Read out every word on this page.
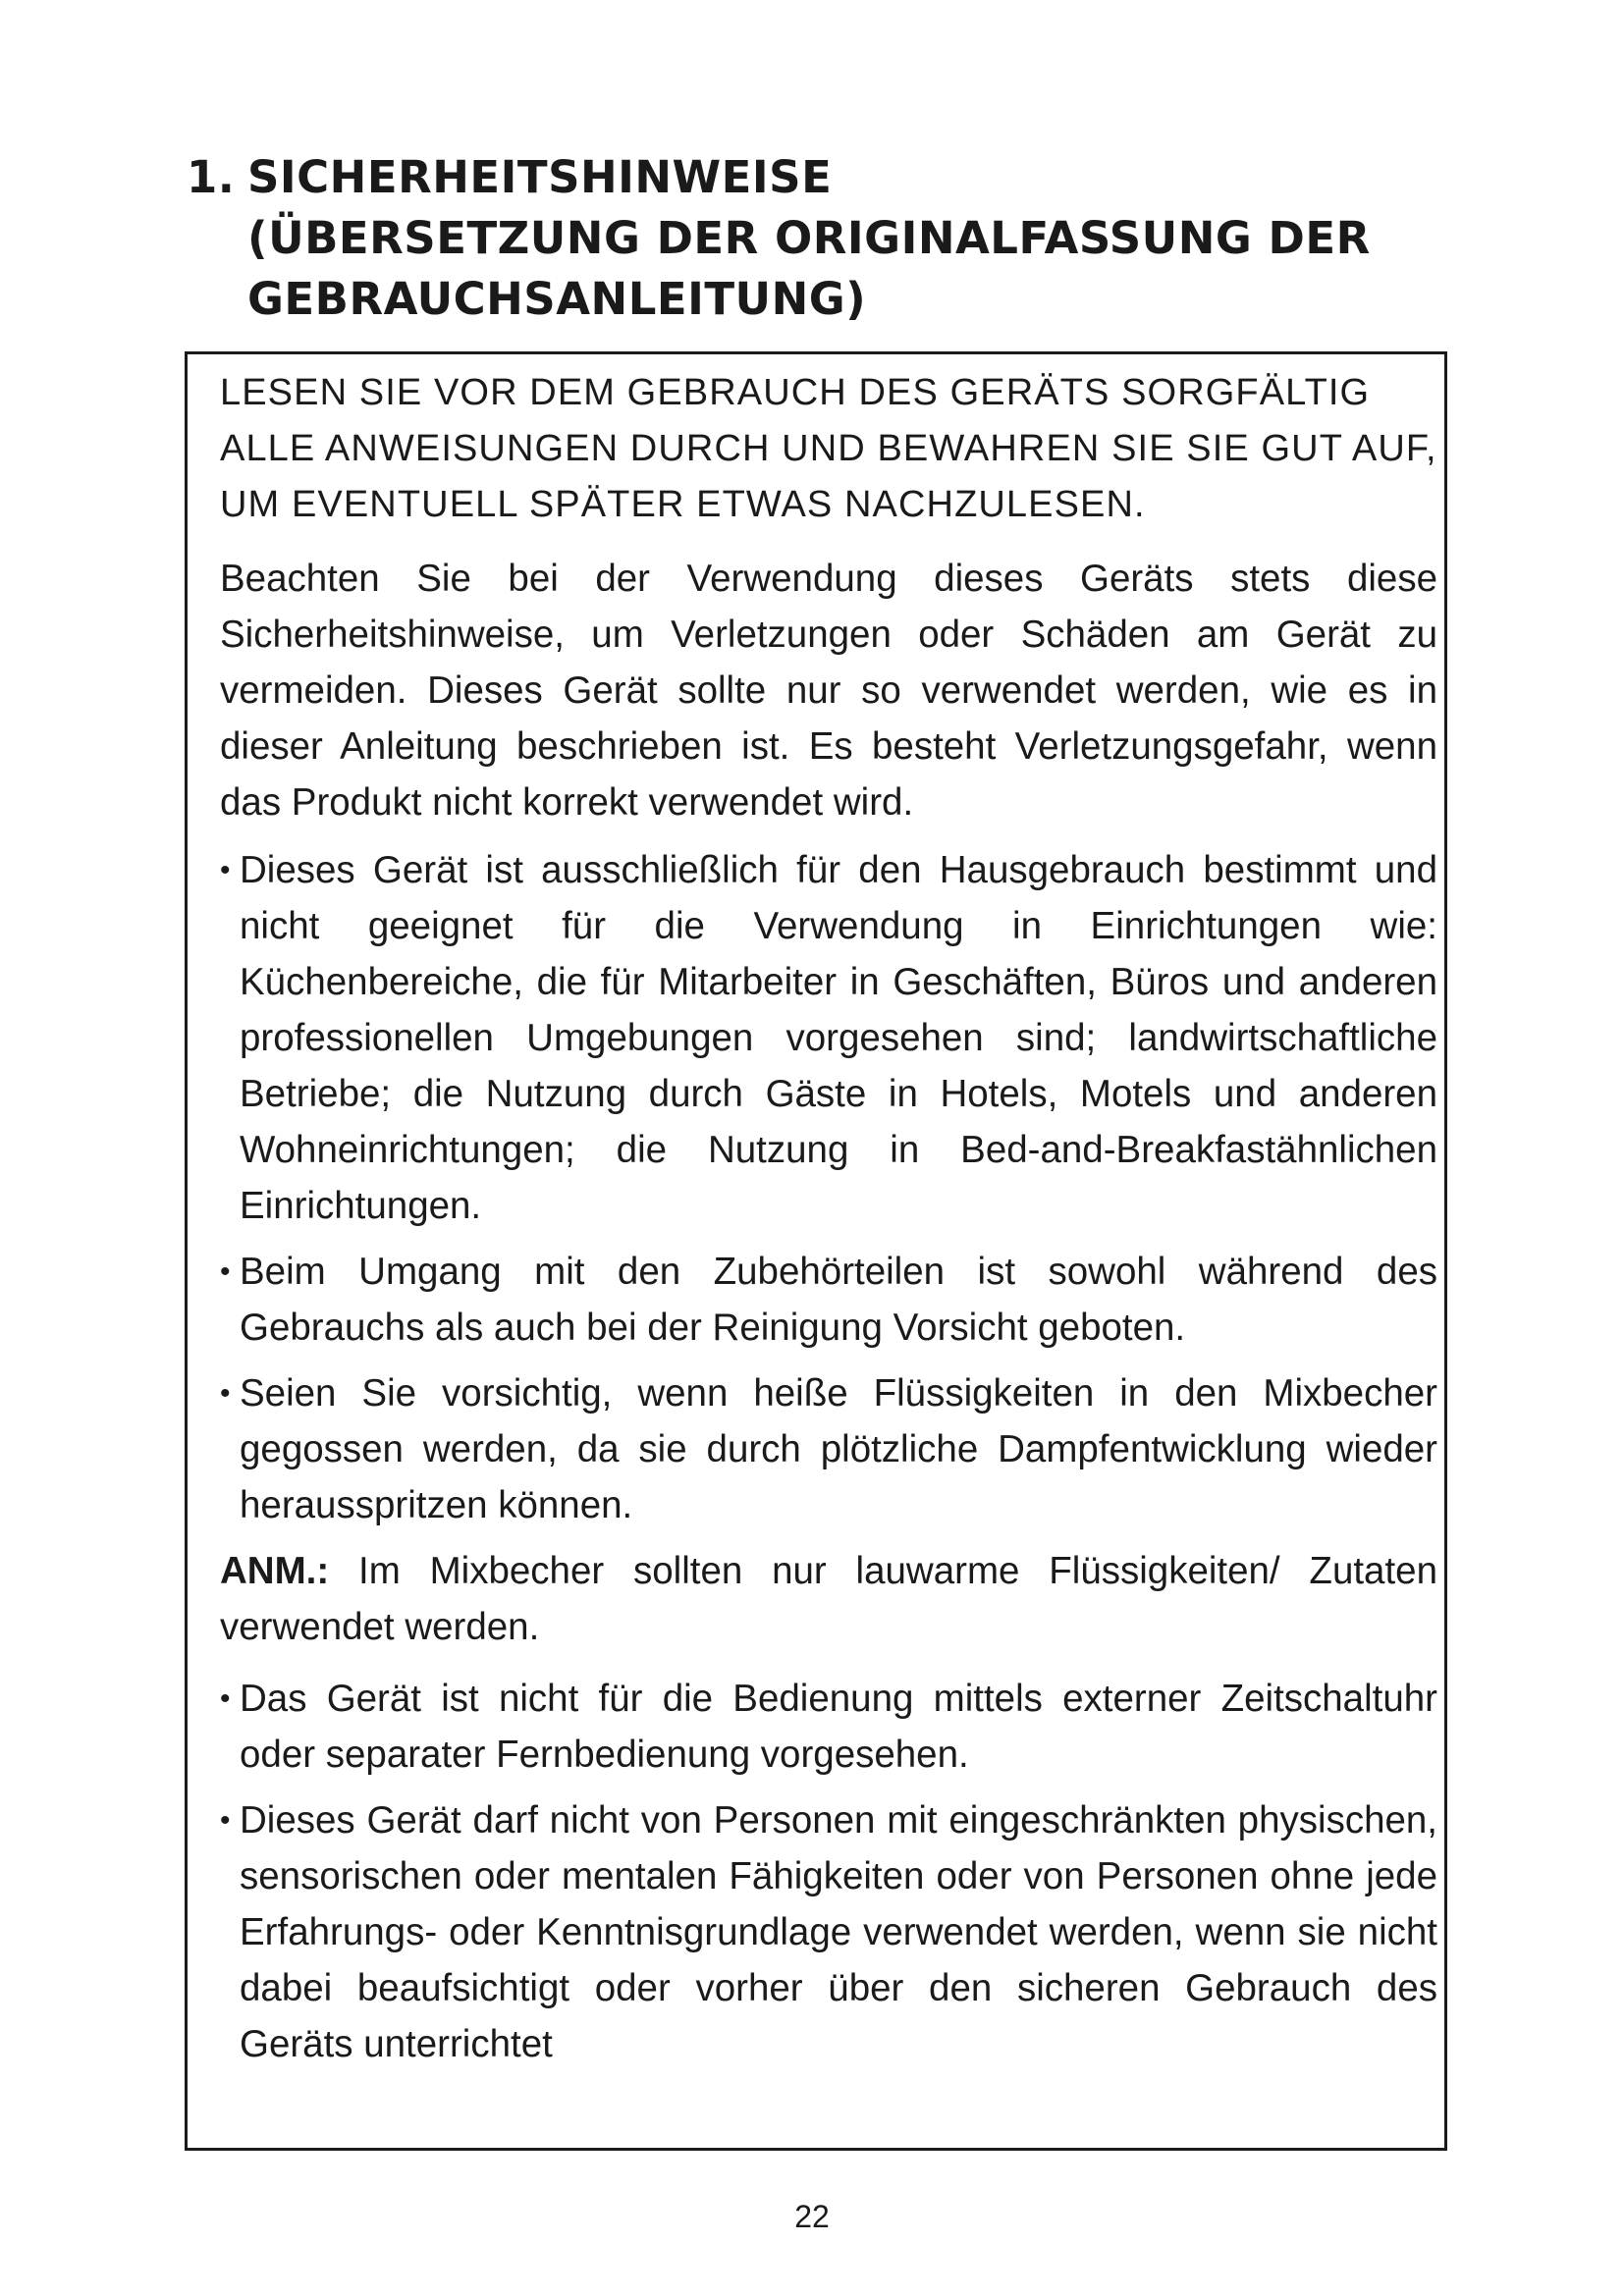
1. SICHERHEITSHINWEISE
(ÜBERSETZUNG DER ORIGINALFASSUNG DER
GEBRAUCHSANLEITUNG)

LESEN SIE VOR DEM GEBRAUCH DES GERÄTS SORGFÄLTIG ALLE ANWEISUNGEN DURCH UND BEWAHREN SIE SIE GUT AUF, UM EVENTUELL SPÄTER ETWAS NACHZULESEN.

Beachten Sie bei der Verwendung dieses Geräts stets diese Sicherheitshinweise, um Verletzungen oder Schäden am Gerät zu vermeiden. Dieses Gerät sollte nur so verwendet werden, wie es in dieser Anleitung beschrieben ist. Es besteht Verletzungsgefahr, wenn das Produkt nicht korrekt verwendet wird.

• Dieses Gerät ist ausschließlich für den Hausgebrauch bestimmt und nicht geeignet für die Verwendung in Einrichtungen wie: Küchenbereiche, die für Mitarbeiter in Geschäften, Büros und anderen professionellen Umgebungen vorgesehen sind; landwirtschaftliche Betriebe; die Nutzung durch Gäste in Hotels, Motels und anderen Wohneinrichtungen; die Nutzung in Bed-and-Breakfastähnlichen Einrichtungen.
• Beim Umgang mit den Zubehörteilen ist sowohl während des Gebrauchs als auch bei der Reinigung Vorsicht geboten.
• Seien Sie vorsichtig, wenn heiße Flüssigkeiten in den Mixbecher gegossen werden, da sie durch plötzliche Dampfentwicklung wieder herausspritzen können.

ANM.: Im Mixbecher sollten nur lauwarme Flüssigkeiten/ Zutaten verwendet werden.

• Das Gerät ist nicht für die Bedienung mittels externer Zeitschaltuhr oder separater Fernbedienung vorgesehen.
• Dieses Gerät darf nicht von Personen mit eingeschränkten physischen, sensorischen oder mentalen Fähigkeiten oder von Personen ohne jede Erfahrungs- oder Kenntnisgrundlage verwendet werden, wenn sie nicht dabei beaufsichtigt oder vorher über den sicheren Gebrauch des Geräts unterrichtet
22
